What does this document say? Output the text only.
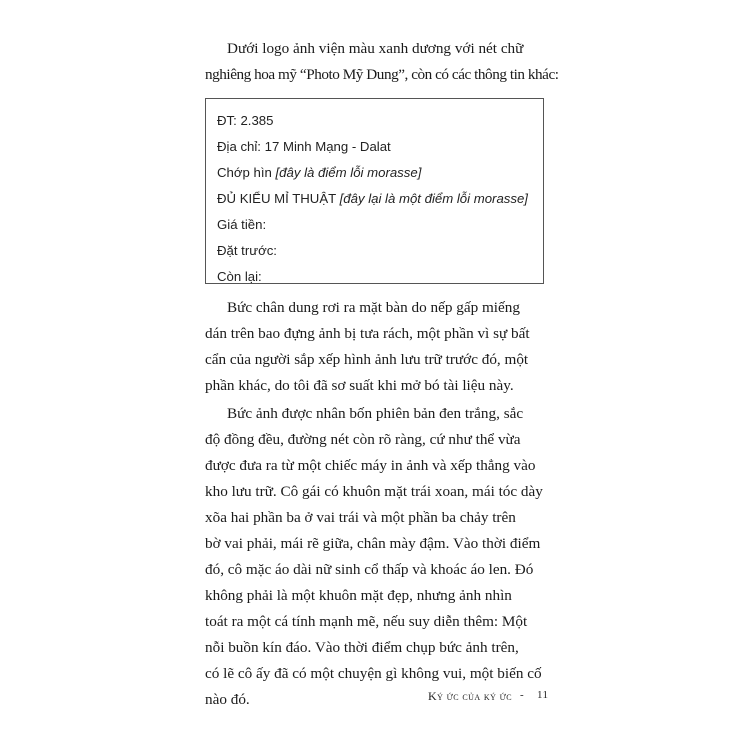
Dưới logo ảnh viện màu xanh dương với nét chữ
nghiêng hoa mỹ “Photo Mỹ Dung”, còn có các thông tin khác:

ĐT: 2.385
Địa chỉ: 17 Minh Mạng - Dalat
Chớp hìn [đây là điểm lỗi morasse]
ĐỦ KIỂU MỈ THUẬT [đây lại là một điểm lỗi morasse]
Giá tiền:
Đặt trước:
Còn lại:

Bức chân dung rơi ra mặt bàn do nếp gấp miếng
dán trên bao đựng ảnh bị tưa rách, một phần vì sự bất
cẩn của người sắp xếp hình ảnh lưu trữ trước đó, một
phần khác, do tôi đã sơ suất khi mở bó tài liệu này.

Bức ảnh được nhân bốn phiên bản đen trắng, sắc
độ đồng đều, đường nét còn rõ ràng, cứ như thể vừa
được đưa ra từ một chiếc máy in ảnh và xếp thẳng vào
kho lưu trữ. Cô gái có khuôn mặt trái xoan, mái tóc dày
xõa hai phần ba ở vai trái và một phần ba chảy trên
bờ vai phải, mái rẽ giữa, chân mày đậm. Vào thời điểm
đó, cô mặc áo dài nữ sinh cổ thấp và khoác áo len. Đó
không phải là một khuôn mặt đẹp, nhưng ảnh nhìn
toát ra một cá tính mạnh mẽ, nếu suy diễn thêm: Một
nỗi buồn kín đáo. Vào thời điểm chụp bức ảnh trên,
có lẽ cô ấy đã có một chuyện gì không vui, một biến cố
nào đó.	Ký ức của ký ức - 11
